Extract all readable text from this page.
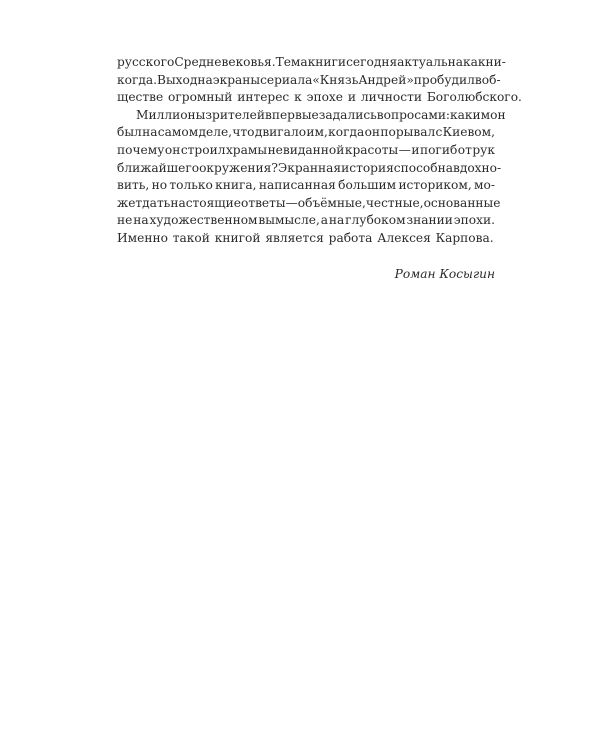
русского Средневековья. Тема книги сегодня актуальна как ни-
когда. Выход на экраны сериала «Князь Андрей» пробудил в об-
ществе огромный интерес к эпохе и личности Боголюбского.
Миллионы зрителей впервые задались вопросами: каким он
был на самом деле, что двигало им, когда он порывал с Киевом,
почему он строил храмы невиданной красоты — и погиб от рук
ближайшего окружения? Экранная история способна вдохно-
вить, но только книга, написанная большим историком, мо-
жет дать настоящие ответы — объёмные, честные, основанные
не на художественном вымысле, а на глубоком знании эпохи.
Именно такой книгой является работа Алексея Карпова.
Роман Косыгин
